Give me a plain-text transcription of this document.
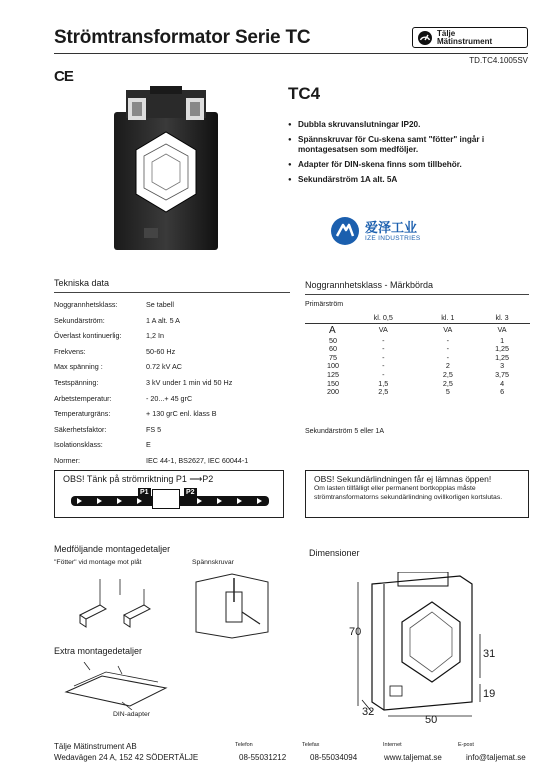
Strömtransformator Serie TC	Tälje
Mätinstrument
TD.TC4.1005SV
CE
TC4
● Dubbla skruvanslutningar IP20.
● Spännskruvar för Cu-skena samt "fötter" ingår i montagesatsen som medföljer.
● Adapter för DIN-skena finns som tillbehör.
● Sekundärström 1A alt. 5A
爱泽工业
IZE INDUSTRIES
Tekniska data
Noggrannhetsklass:	Se tabell
Sekundärström:	1 A alt. 5 A
Överlast kontinuerlig:	1,2 In
Frekvens:	50-60 Hz
Max spänning :	0.72 kV AC
Testspänning:	3 kV under 1 min vid 50 Hz
Arbetstemperatur:	- 20...+ 45 grC
Temperaturgräns:	+ 130 grC enl. klass B
Säkerhetsfaktor:	FS 5
Isolationsklass:	E
Normer:	IEC 44-1, BS2627, IEC 60044-1
Noggrannhetsklass - Märkbörda
Primärström
	kl. 0,5	kl. 1	kl. 3
A	VA	VA	VA
50	-	-	1
60	-	-	1,25
75	-	-	1,25
100	-	2	3
125	-	2,5	3,75
150	1,5	2,5	4
200	2,5	5	6
Sekundärström 5 eller 1A
OBS! Tänk på strömriktning P1 ⟶P2
P1	P2
OBS! Sekundärlindningen får ej lämnas öppen!
Om lasten tillfälligt eller permanent bortkopplas måste strömtransformatorns sekundärlindning ovillkorligen kortslutas.
Medföljande montagedetaljer
"Fötter" vid montage mot plåt	Spännskruvar
Extra montagedetaljer
DIN-adapter
Dimensioner
70
31
19
50
32
Tälje Mätinstrument AB
Wedavägen 24 A, 152 42 SÖDERTÄLJE
Telefon
08-55031212
Telefax
08-55034094
Internet
www.taljemat.se
E-post
info@taljemat.se
